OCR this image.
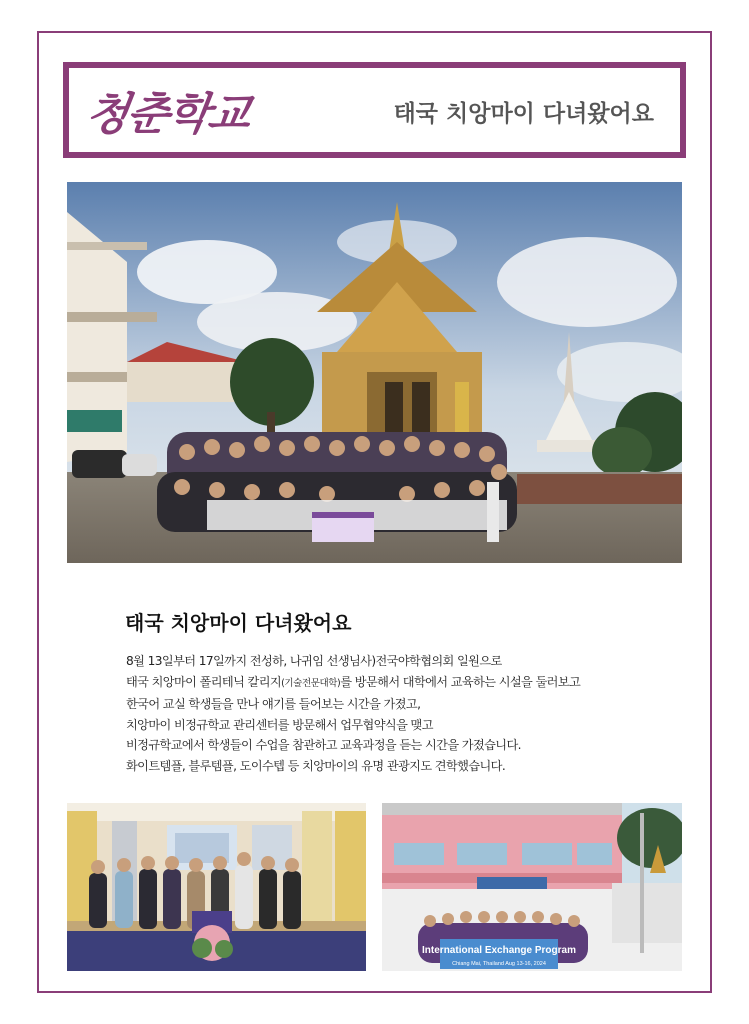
청춘학교	태국 치앙마이 다녀왔어요
태국 치앙마이 다녀왔어요

8월 13일부터 17일까지 전성하, 나귀임 선생님사)전국야학협의회 일원으로

태국 치앙마이 폴리테닉 칼리지(기술전문대학)를 방문해서 대학에서 교육하는 시설을 둘러보고

한국어 교실 학생들을 만나 얘기를 들어보는 시간을 가졌고,

치앙마이 비정규학교 관리센터를 방문해서 업무협약식을 맺고

비정규학교에서 학생들이 수업을 참관하고 교육과정을 듣는 시간을 가졌습니다.

화이트템플, 블루템플, 도이수텝 등 치앙마이의 유명 관광지도 견학했습니다.

International Exchange Program
Chiang Mai, Thailand Aug 13-16, 2024
